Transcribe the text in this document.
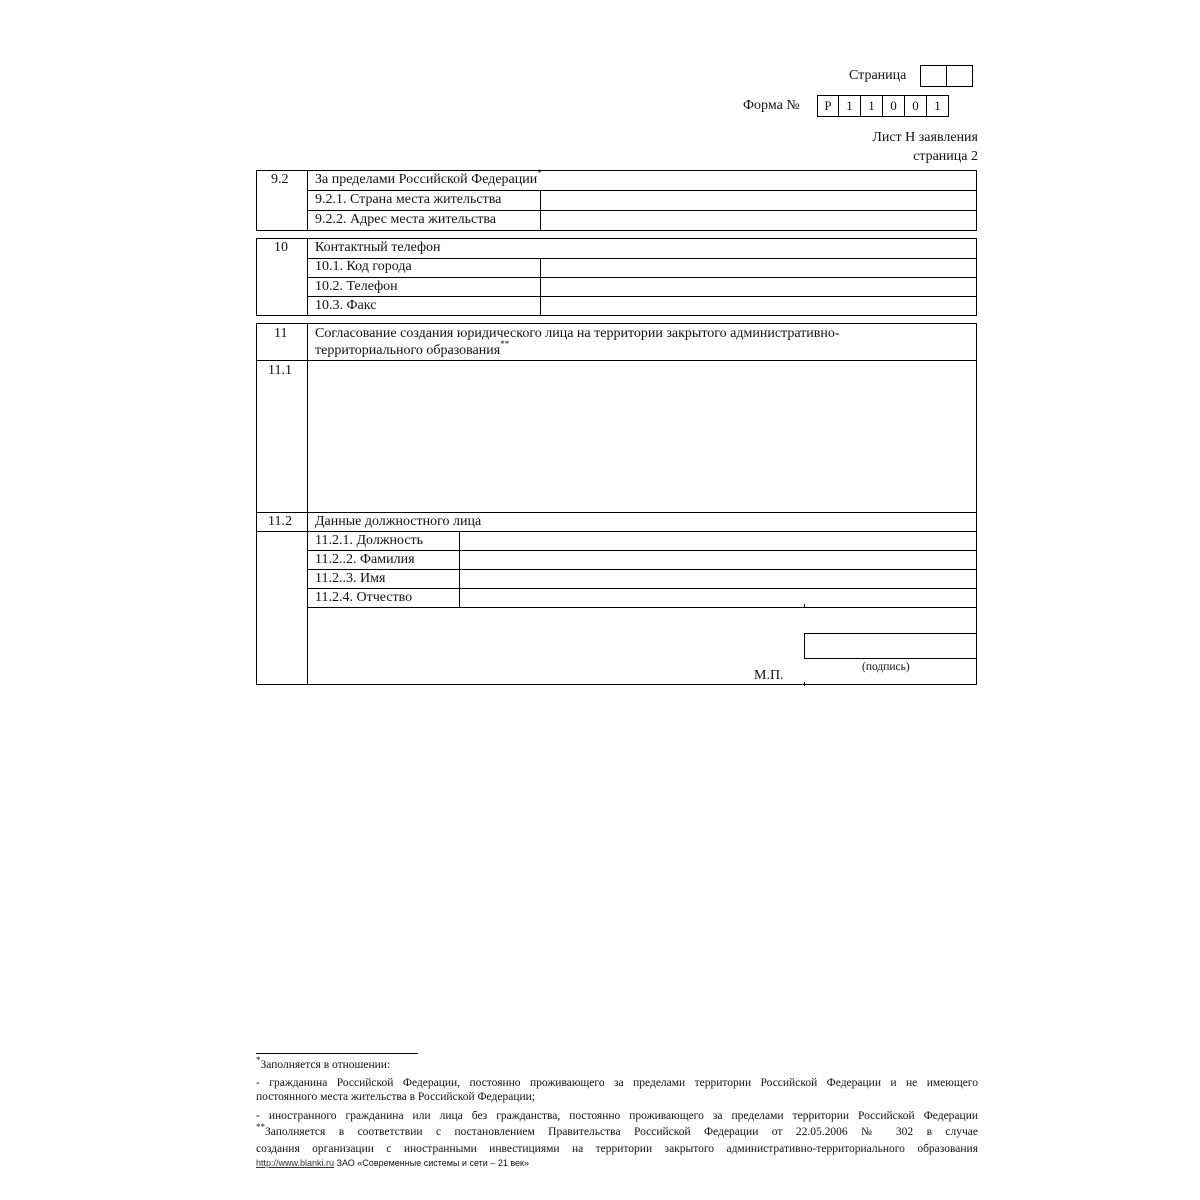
Страница
Форма №	Р	1	1	0	0	1
Лист Н заявления
страница 2
9.2 За пределами Российской Федерации*
9.2.1. Страна места жительства
9.2.2. Адрес места жительства
10 Контактный телефон
10.1. Код города
10.2. Телефон
10.3. Факс
11 Согласование создания юридического лица на территории закрытого административно-
территориального образования**
11.1
11.2 Данные должностного лица
11.2.1. Должность
11.2..2. Фамилия
11.2..3. Имя
11.2.4. Отчество
(подпись)
М.П.
*Заполняется в отношении:
- гражданина Российской Федерации, постоянно проживающего за пределами территории Российской Федерации и не имеющего
постоянного места жительства в Российской Федерации;
- иностранного гражданина или лица без гражданства, постоянно проживающего за пределами территории Российской Федерации
**Заполняется в соответствии с постановлением Правительства Российской Федерации от 22.05.2006 № 302 в случае
создания организации с иностранными инвестициями на территории закрытого административно-территориального образования
http://www.blanki.ru ЗАО «Современные системы и сети – 21 век»
